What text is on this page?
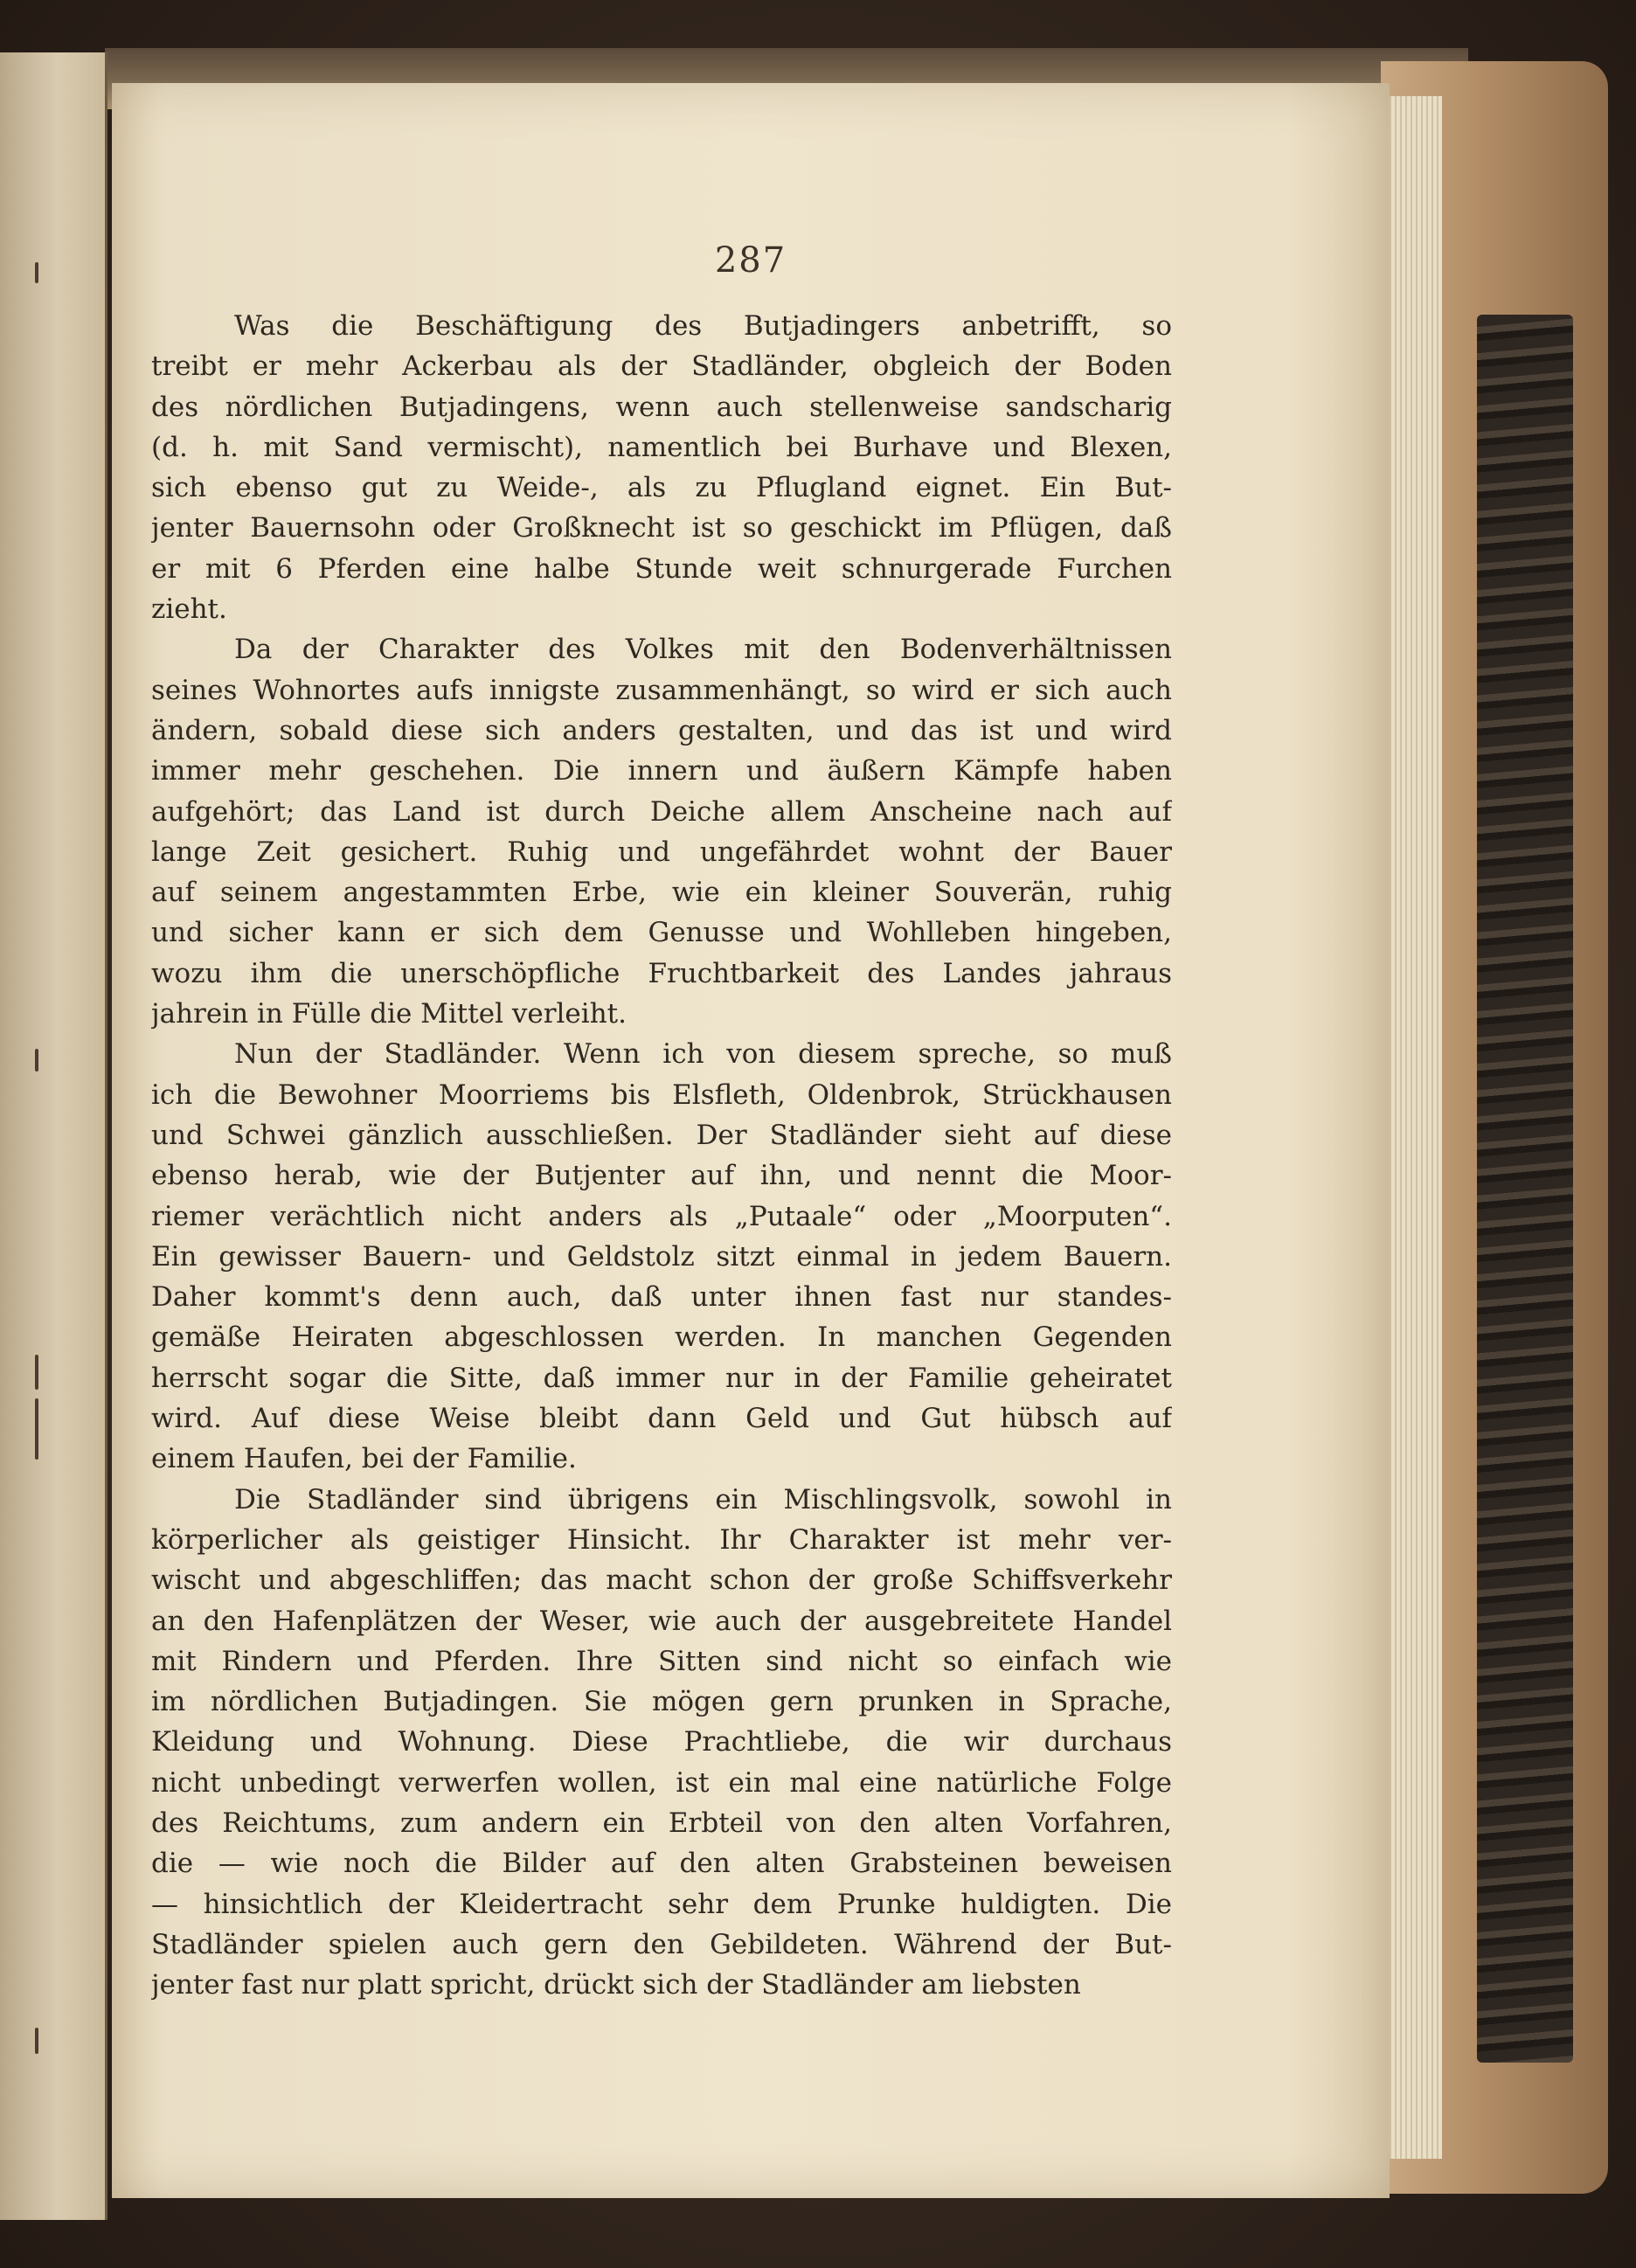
287

Was die Beschäftigung des Butjadingers anbetrifft, so
treibt er mehr Ackerbau als der Stadländer, obgleich der Boden
des nördlichen Butjadingens, wenn auch stellenweise sandscharig
(d. h. mit Sand vermischt), namentlich bei Burhave und Blexen,
sich ebenso gut zu Weide-, als zu Pflugland eignet. Ein But-
jenter Bauernsohn oder Großknecht ist so geschickt im Pflügen, daß
er mit 6 Pferden eine halbe Stunde weit schnurgerade Furchen
zieht.

Da der Charakter des Volkes mit den Bodenverhältnissen
seines Wohnortes aufs innigste zusammenhängt, so wird er sich auch
ändern, sobald diese sich anders gestalten, und das ist und wird
immer mehr geschehen. Die innern und äußern Kämpfe haben
aufgehört; das Land ist durch Deiche allem Anscheine nach auf
lange Zeit gesichert. Ruhig und ungefährdet wohnt der Bauer
auf seinem angestammten Erbe, wie ein kleiner Souverän, ruhig
und sicher kann er sich dem Genusse und Wohlleben hingeben,
wozu ihm die unerschöpfliche Fruchtbarkeit des Landes jahraus
jahrein in Fülle die Mittel verleiht.

Nun der Stadländer. Wenn ich von diesem spreche, so muß
ich die Bewohner Moorriems bis Elsfleth, Oldenbrok, Strückhausen
und Schwei gänzlich ausschließen. Der Stadländer sieht auf diese
ebenso herab, wie der Butjenter auf ihn, und nennt die Moor-
riemer verächtlich nicht anders als „Putaale“ oder „Moorputen“.
Ein gewisser Bauern- und Geldstolz sitzt einmal in jedem Bauern.
Daher kommt's denn auch, daß unter ihnen fast nur standes-
gemäße Heiraten abgeschlossen werden. In manchen Gegenden
herrscht sogar die Sitte, daß immer nur in der Familie geheiratet
wird. Auf diese Weise bleibt dann Geld und Gut hübsch auf
einem Haufen, bei der Familie.

Die Stadländer sind übrigens ein Mischlingsvolk, sowohl in
körperlicher als geistiger Hinsicht. Ihr Charakter ist mehr ver-
wischt und abgeschliffen; das macht schon der große Schiffsverkehr
an den Hafenplätzen der Weser, wie auch der ausgebreitete Handel
mit Rindern und Pferden. Ihre Sitten sind nicht so einfach wie
im nördlichen Butjadingen. Sie mögen gern prunken in Sprache,
Kleidung und Wohnung. Diese Prachtliebe, die wir durchaus
nicht unbedingt verwerfen wollen, ist ein mal eine natürliche Folge
des Reichtums, zum andern ein Erbteil von den alten Vorfahren,
die — wie noch die Bilder auf den alten Grabsteinen beweisen
— hinsichtlich der Kleidertracht sehr dem Prunke huldigten. Die
Stadländer spielen auch gern den Gebildeten. Während der But-
jenter fast nur platt spricht, drückt sich der Stadländer am liebsten
